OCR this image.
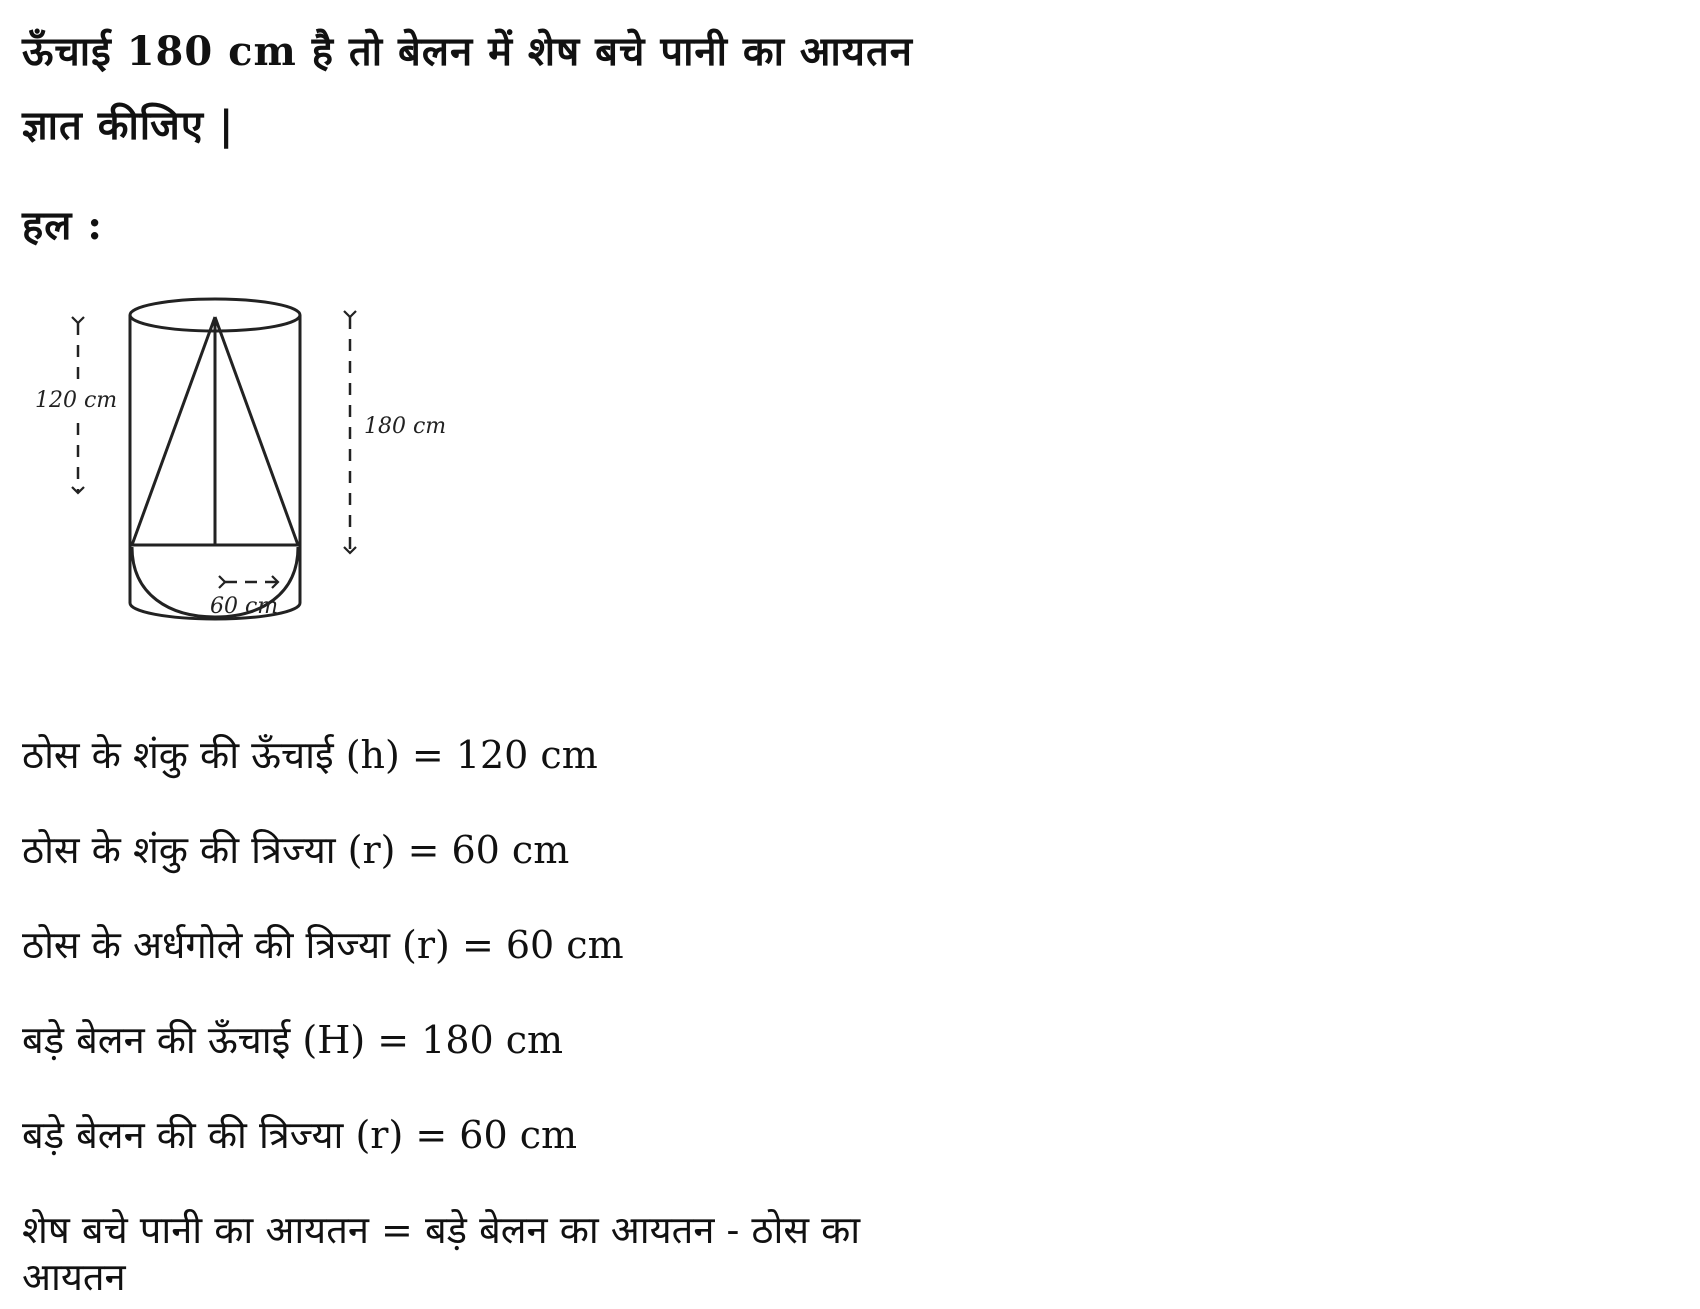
ऊँचाई 180 cm है तो बेलन में शेष बचे पानी का आयतन
ज्ञात कीजिए |
हल :
120 cm
180 cm
60 cm
ठोस के शंकु की ऊँचाई (h) = 120 cm
ठोस के शंकु की त्रिज्या (r) = 60 cm
ठोस के अर्धगोले की त्रिज्या (r) = 60 cm
बड़े बेलन की ऊँचाई (H) = 180 cm
बड़े बेलन की की त्रिज्या (r) = 60 cm
शेष बचे पानी का आयतन = बड़े बेलन का आयतन - ठोस का
आयतन
